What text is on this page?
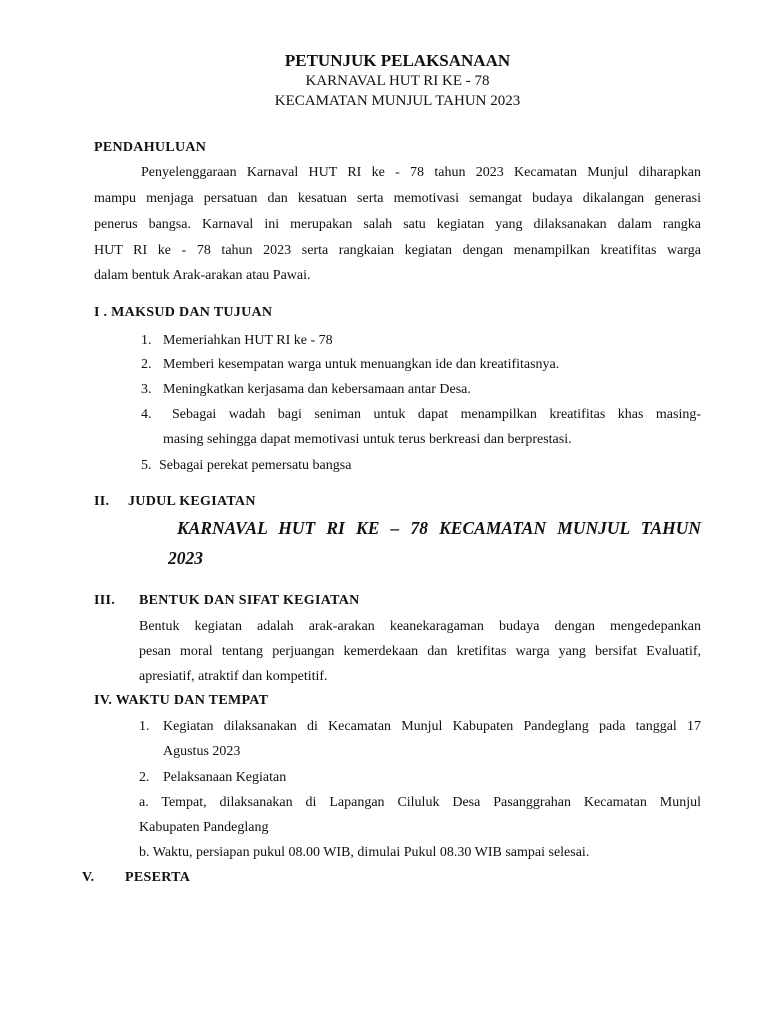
PETUNJUK PELAKSANAAN
KARNAVAL HUT RI KE - 78
KECAMATAN MUNJUL TAHUN 2023
PENDAHULUAN
Penyelenggaraan Karnaval HUT RI ke - 78 tahun 2023 Kecamatan Munjul diharapkan
mampu menjaga persatuan dan kesatuan serta memotivasi semangat budaya dikalangan generasi
penerus bangsa. Karnaval ini merupakan salah satu kegiatan yang dilaksanakan dalam rangka
HUT RI ke - 78 tahun 2023 serta rangkaian kegiatan dengan menampilkan kreatifitas warga
dalam bentuk Arak-arakan atau Pawai.
I . MAKSUD DAN TUJUAN
1. Memeriahkan HUT RI ke - 78
2. Memberi kesempatan warga untuk menuangkan ide dan kreatifitasnya.
3. Meningkatkan kerjasama dan kebersamaan antar Desa.
4. Sebagai wadah bagi seniman untuk dapat menampilkan kreatifitas khas masing-
masing sehingga dapat memotivasi untuk terus berkreasi dan berprestasi.
5. Sebagai perekat pemersatu bangsa
II. JUDUL KEGIATAN
KARNAVAL HUT RI KE – 78 KECAMATAN MUNJUL TAHUN
2023
III. BENTUK DAN SIFAT KEGIATAN
Bentuk kegiatan adalah arak-arakan keanekaragaman budaya dengan mengedepankan
pesan moral tentang perjuangan kemerdekaan dan kretifitas warga yang bersifat Evaluatif,
apresiatif, atraktif dan kompetitif.
IV. WAKTU DAN TEMPAT
1. Kegiatan dilaksanakan di Kecamatan Munjul Kabupaten Pandeglang pada tanggal 17
Agustus 2023
2. Pelaksanaan Kegiatan
a. Tempat, dilaksanakan di Lapangan Ciluluk Desa Pasanggrahan Kecamatan Munjul
Kabupaten Pandeglang
b. Waktu, persiapan pukul 08.00 WIB, dimulai Pukul 08.30 WIB sampai selesai.
V. PESERTA
